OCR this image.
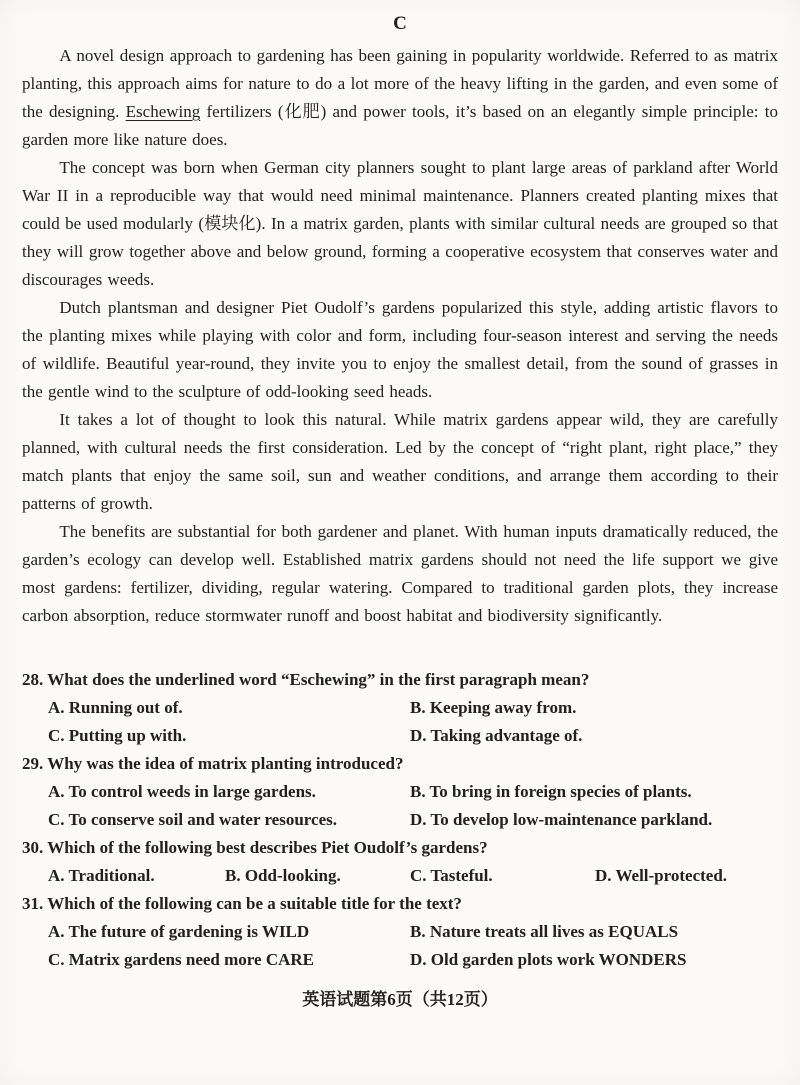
C

A novel design approach to gardening has been gaining in popularity worldwide. Referred to as matrix planting, this approach aims for nature to do a lot more of the heavy lifting in the garden, and even some of the designing. Eschewing fertilizers (化肥) and power tools, it’s based on an elegantly simple principle: to garden more like nature does.

The concept was born when German city planners sought to plant large areas of parkland after World War II in a reproducible way that would need minimal maintenance. Planners created planting mixes that could be used modularly (模块化). In a matrix garden, plants with similar cultural needs are grouped so that they will grow together above and below ground, forming a cooperative ecosystem that conserves water and discourages weeds.

Dutch plantsman and designer Piet Oudolf’s gardens popularized this style, adding artistic flavors to the planting mixes while playing with color and form, including four-season interest and serving the needs of wildlife. Beautiful year-round, they invite you to enjoy the smallest detail, from the sound of grasses in the gentle wind to the sculpture of odd-looking seed heads.

It takes a lot of thought to look this natural. While matrix gardens appear wild, they are carefully planned, with cultural needs the first consideration. Led by the concept of “right plant, right place,” they match plants that enjoy the same soil, sun and weather conditions, and arrange them according to their patterns of growth.

The benefits are substantial for both gardener and planet. With human inputs dramatically reduced, the garden’s ecology can develop well. Established matrix gardens should not need the life support we give most gardens: fertilizer, dividing, regular watering. Compared to traditional garden plots, they increase carbon absorption, reduce stormwater runoff and boost habitat and biodiversity significantly.

28. What does the underlined word “Eschewing” in the first paragraph mean?

A. Running out of.	B. Keeping away from.
C. Putting up with.	D. Taking advantage of.

29. Why was the idea of matrix planting introduced?

A. To control weeds in large gardens.	B. To bring in foreign species of plants.
C. To conserve soil and water resources.	D. To develop low-maintenance parkland.

30. Which of the following best describes Piet Oudolf’s gardens?

A. Traditional.	B. Odd-looking.	C. Tasteful.	D. Well-protected.

31. Which of the following can be a suitable title for the text?

A. The future of gardening is WILD	B. Nature treats all lives as EQUALS
C. Matrix gardens need more CARE	D. Old garden plots work WONDERS
英语试题第6页（共12页）
